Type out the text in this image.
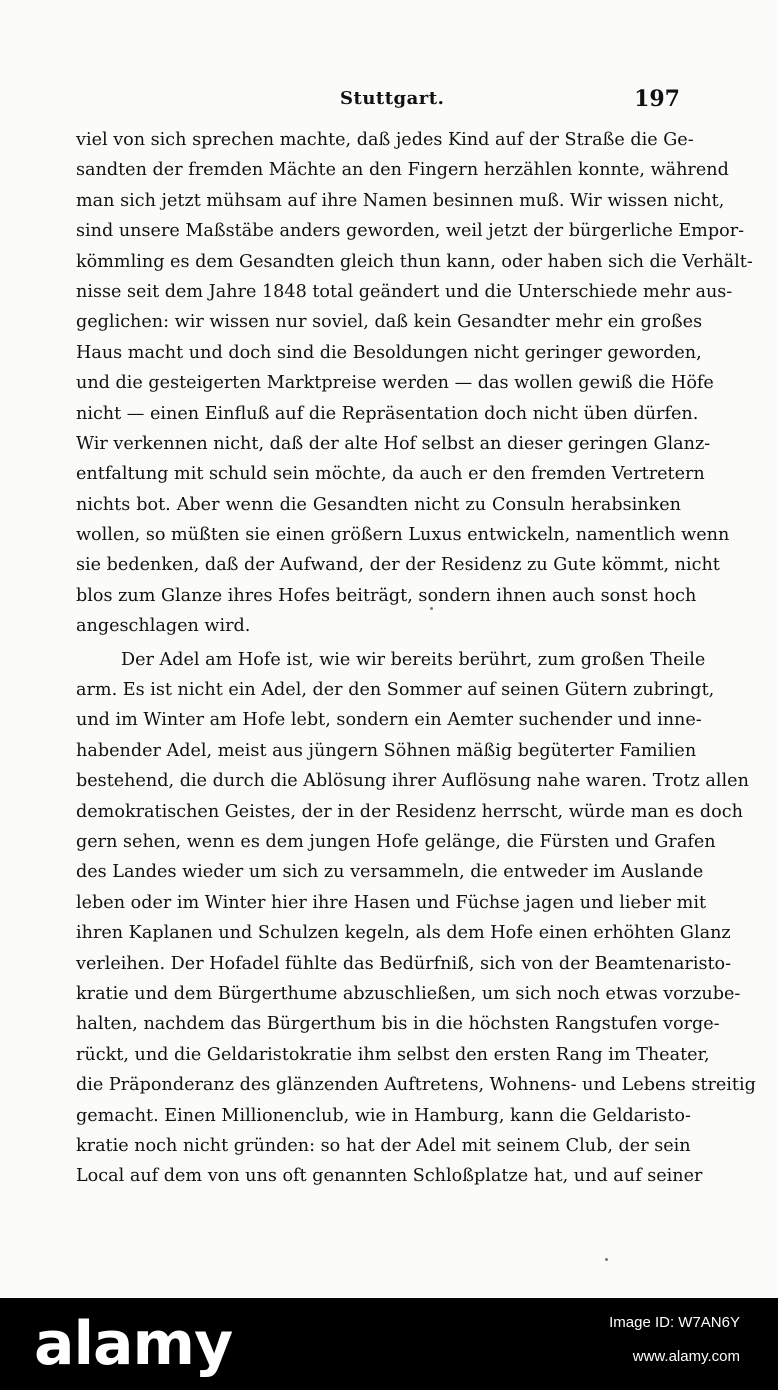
Stuttgart.	197
viel von sich sprechen machte, daß jedes Kind auf der Straße die Ge-
sandten der fremden Mächte an den Fingern herzählen konnte, während
man sich jetzt mühsam auf ihre Namen besinnen muß. Wir wissen nicht,
sind unsere Maßstäbe anders geworden, weil jetzt der bürgerliche Empor-
kömmling es dem Gesandten gleich thun kann, oder haben sich die Verhält-
nisse seit dem Jahre 1848 total geändert und die Unterschiede mehr aus-
geglichen: wir wissen nur soviel, daß kein Gesandter mehr ein großes
Haus macht und doch sind die Besoldungen nicht geringer geworden,
und die gesteigerten Marktpreise werden — das wollen gewiß die Höfe
nicht — einen Einfluß auf die Repräsentation doch nicht üben dürfen.
Wir verkennen nicht, daß der alte Hof selbst an dieser geringen Glanz-
entfaltung mit schuld sein möchte, da auch er den fremden Vertretern
nichts bot. Aber wenn die Gesandten nicht zu Consuln herabsinken
wollen, so müßten sie einen größern Luxus entwickeln, namentlich wenn
sie bedenken, daß der Aufwand, der der Residenz zu Gute kömmt, nicht
blos zum Glanze ihres Hofes beiträgt, sondern ihnen auch sonst hoch
angeschlagen wird.
Der Adel am Hofe ist, wie wir bereits berührt, zum großen Theile
arm. Es ist nicht ein Adel, der den Sommer auf seinen Gütern zubringt,
und im Winter am Hofe lebt, sondern ein Aemter suchender und inne-
habender Adel, meist aus jüngern Söhnen mäßig begüterter Familien
bestehend, die durch die Ablösung ihrer Auflösung nahe waren. Trotz allen
demokratischen Geistes, der in der Residenz herrscht, würde man es doch
gern sehen, wenn es dem jungen Hofe gelänge, die Fürsten und Grafen
des Landes wieder um sich zu versammeln, die entweder im Auslande
leben oder im Winter hier ihre Hasen und Füchse jagen und lieber mit
ihren Kaplanen und Schulzen kegeln, als dem Hofe einen erhöhten Glanz
verleihen. Der Hofadel fühlte das Bedürfniß, sich von der Beamtenaristo-
kratie und dem Bürgerthume abzuschließen, um sich noch etwas vorzube-
halten, nachdem das Bürgerthum bis in die höchsten Rangstufen vorge-
rückt, und die Geldaristokratie ihm selbst den ersten Rang im Theater,
die Präponderanz des glänzenden Auftretens, Wohnens- und Lebens streitig
gemacht. Einen Millionenclub, wie in Hamburg, kann die Geldaristo-
kratie noch nicht gründen: so hat der Adel mit seinem Club, der sein
Local auf dem von uns oft genannten Schloßplatze hat, und auf seiner
alamy	Image ID: W7AN6Y
www.alamy.com
